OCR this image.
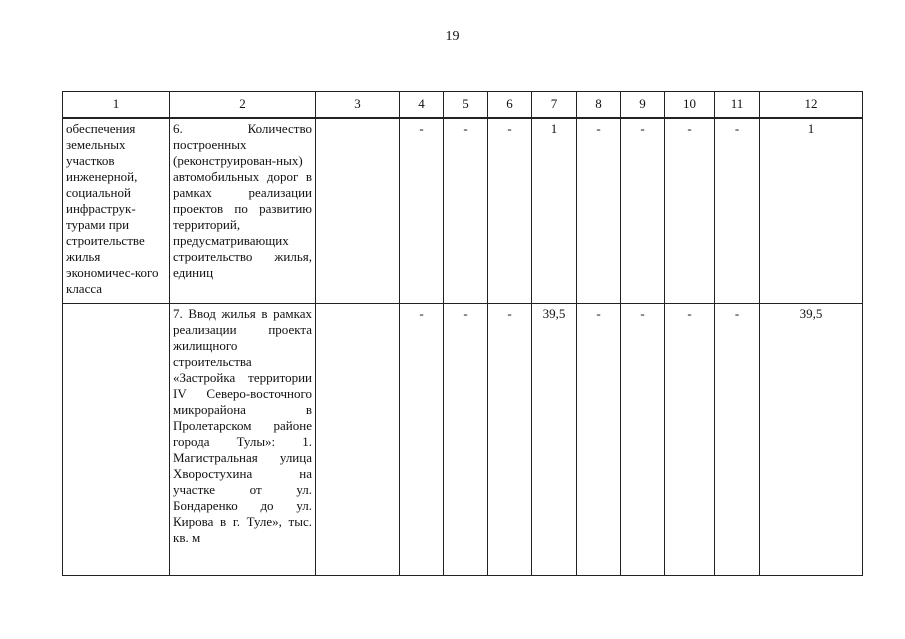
19
1	2	3	4	5	6	7	8	9	10	11	12
обеспечения земельных участков инженерной, социальной инфраструк-турами при строительстве жилья экономичес-кого класса	6. Количество построенных (реконструирован-ных) автомобильных дорог в рамках реализации проектов по развитию территорий, предусматривающих строительство жилья, единиц		-	-	-	1	-	-	-	-	1
	7. Ввод жилья в рамках реализации проекта жилищного строительства «Застройка территории IV Северо-восточного микрорайона в Пролетарском районе города Тулы»: 1. Магистральная улица Хворостухина на участке от ул. Бондаренко до ул. Кирова в г. Туле», тыс. кв. м		-	-	-	39,5	-	-	-	-	39,5
